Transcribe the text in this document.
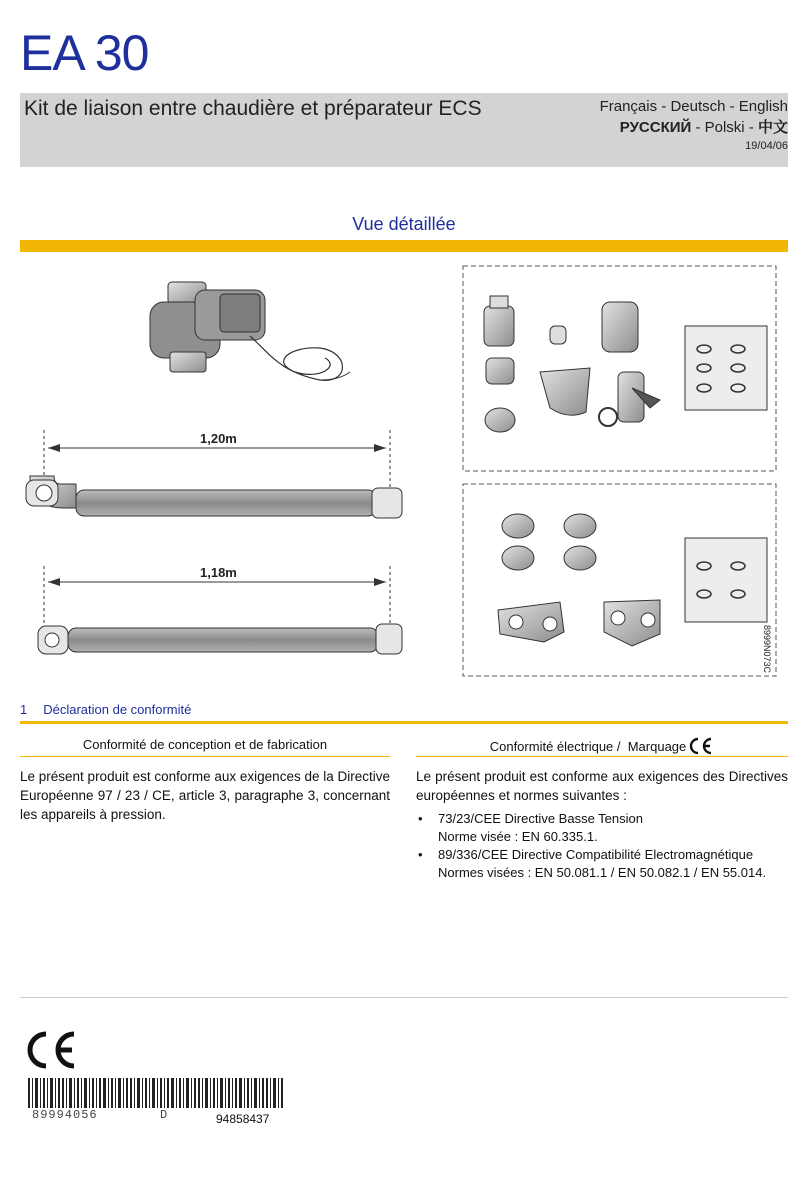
EA 30
Kit de liaison entre chaudière et préparateur ECS	Français - Deutsch - English
РУССКИЙ - Polski - 中文
19/04/06
Vue détaillée
1,20m
1,18m
8999N073C
1 Déclaration de conformité
Conformité de conception et de fabrication	Conformité électrique /  Marquage
Le présent produit est conforme aux exigences de la Directive Européenne 97 / 23 / CE, article 3, paragraphe 3, concernant les appareils à pression.
Le présent produit est conforme aux exigences des Directives européennes et normes suivantes :
• 73/23/CEE Directive Basse Tension
Norme visée : EN 60.335.1.
• 89/336/CEE Directive Compatibilité Electromagnétique
Normes visées : EN 50.081.1 / EN 50.082.1 / EN 55.014.
89994056	D	94858437
